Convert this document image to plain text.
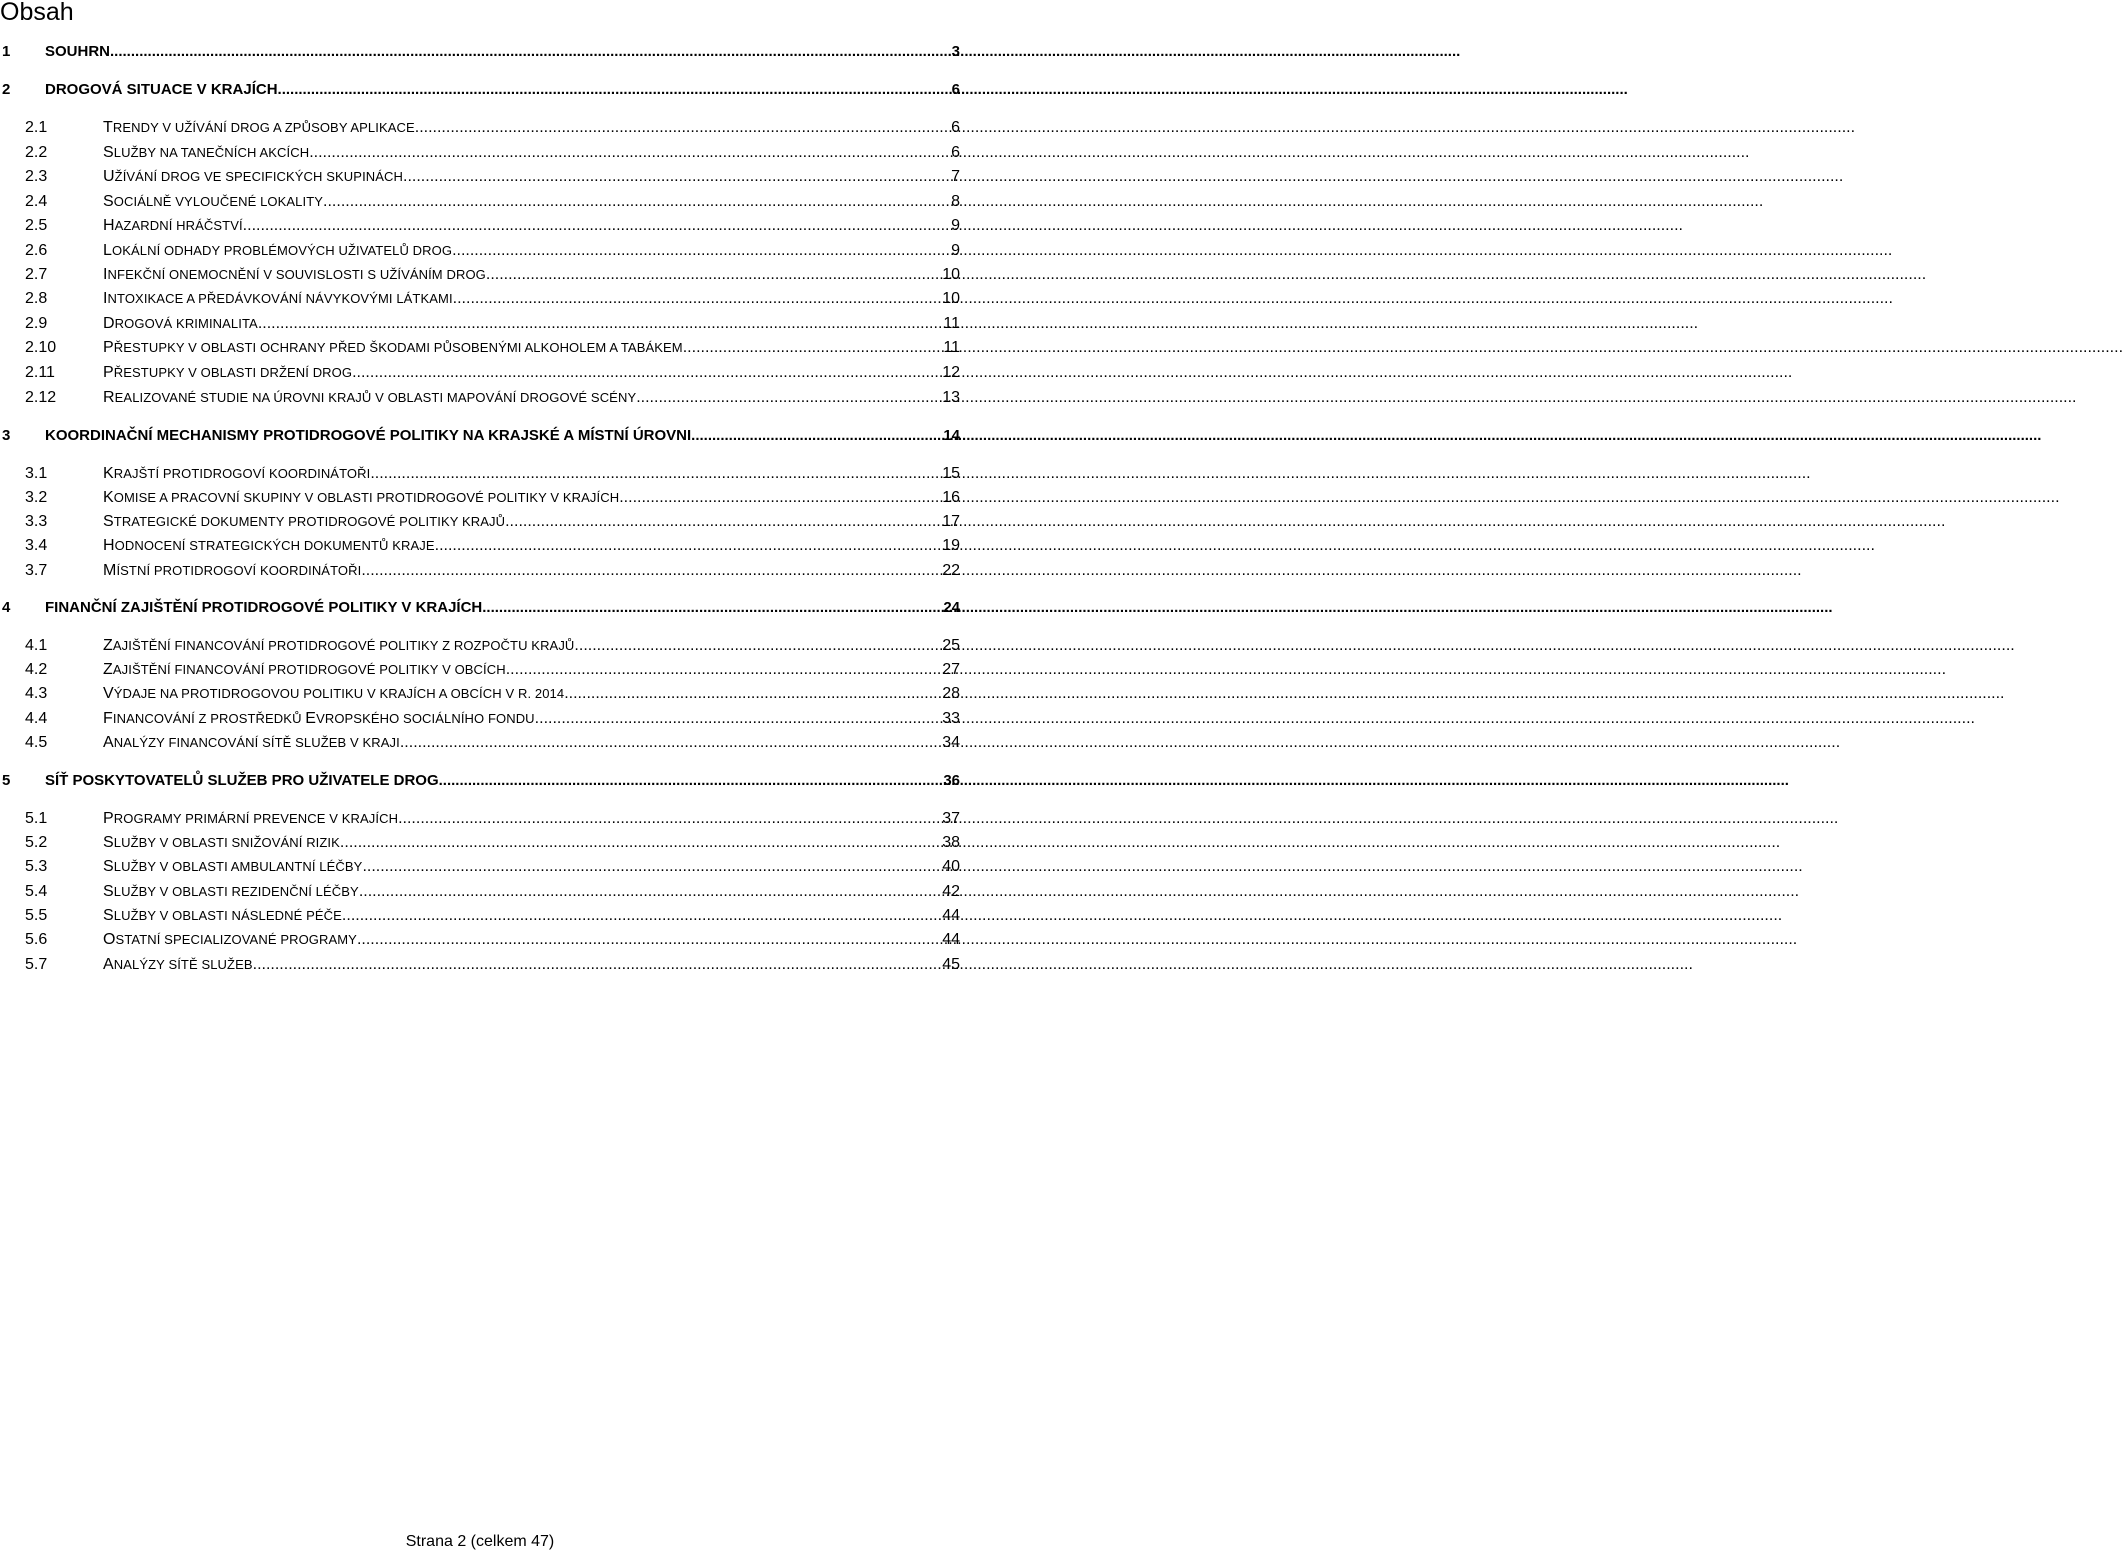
Obsah
1 SOUHRN .....	3
2 DROGOVÁ SITUACE V KRAJÍCH .....	6
2.1	TRENDY V UŽÍVÁNÍ DROG A ZPŮSOBY APLIKACE .....	6
2.2	SLUŽBY NA TANEČNÍCH AKCÍCH .....	6
2.3	UŽÍVÁNÍ DROG VE SPECIFICKÝCH SKUPINÁCH .....	7
2.4	SOCIÁLNĚ VYLOUČENÉ LOKALITY .....	8
2.5	HAZARDNÍ HRÁČSTVÍ .....	9
2.6	LOKÁLNÍ ODHADY PROBLÉMOVÝCH UŽIVATELŮ DROG .....	9
2.7	INFEKČNÍ ONEMOCNĚNÍ V SOUVISLOSTI S UŽÍVÁNÍM DROG .....	10
2.8	INTOXIKACE A PŘEDÁVKOVÁNÍ NÁVYKOVÝMI LÁTKAMI .....	10
2.9	DROGOVÁ KRIMINALITA .....	11
2.10	PŘESTUPKY V OBLASTI OCHRANY PŘED ŠKODAMI PŮSOBENÝMI ALKOHOLEM A TABÁKEM .....	11
2.11	PŘESTUPKY V OBLASTI DRŽENÍ DROG .....	12
2.12	REALIZOVANÉ STUDIE NA ÚROVNI KRAJŮ V OBLASTI MAPOVÁNÍ DROGOVÉ SCÉNY .....	13
3 KOORDINAČNÍ MECHANISMY PROTIDROGOVÉ POLITIKY NA KRAJSKÉ A MÍSTNÍ ÚROVNI .....	14
3.1	KRAJŠTÍ PROTIDROGOVÍ KOORDINÁTOŘI .....	15
3.2	KOMISE A PRACOVNÍ SKUPINY V OBLASTI PROTIDROGOVÉ POLITIKY V KRAJÍCH .....	16
3.3	STRATEGICKÉ DOKUMENTY PROTIDROGOVÉ POLITIKY KRAJŮ .....	17
3.4	HODNOCENÍ STRATEGICKÝCH DOKUMENTŮ KRAJE .....	19
3.7	MÍSTNÍ PROTIDROGOVÍ KOORDINÁTOŘI .....	22
4 FINANČNÍ ZAJIŠTĚNÍ PROTIDROGOVÉ POLITIKY V KRAJÍCH .....	24
4.1	ZAJIŠTĚNÍ FINANCOVÁNÍ PROTIDROGOVÉ POLITIKY Z ROZPOČTU KRAJŮ .....	25
4.2	ZAJIŠTĚNÍ FINANCOVÁNÍ PROTIDROGOVÉ POLITIKY V OBCÍCH .....	27
4.3	VÝDAJE NA PROTIDROGOVOU POLITIKU V KRAJÍCH A OBCÍCH V R. 2014 .....	28
4.4	FINANCOVÁNÍ Z PROSTŘEDKŮ EVROPSKÉHO SOCIÁLNÍHO FONDU .....	33
4.5	ANALÝZY FINANCOVÁNÍ SÍTĚ SLUŽEB V KRAJI .....	34
5 SÍŤ POSKYTOVATELŮ SLUŽEB PRO UŽIVATELE DROG .....	36
5.1	PROGRAMY PRIMÁRNÍ PREVENCE V KRAJÍCH .....	37
5.2	SLUŽBY V OBLASTI SNIŽOVÁNÍ RIZIK .....	38
5.3	SLUŽBY V OBLASTI AMBULANTNÍ LÉČBY .....	40
5.4	SLUŽBY V OBLASTI REZIDENČNÍ LÉČBY .....	42
5.5	SLUŽBY V OBLASTI NÁSLEDNÉ PÉČE .....	44
5.6	OSTATNÍ SPECIALIZOVANÉ PROGRAMY .....	44
5.7	ANALÝZY SÍTĚ SLUŽEB .....	45
Strana 2 (celkem 47)
